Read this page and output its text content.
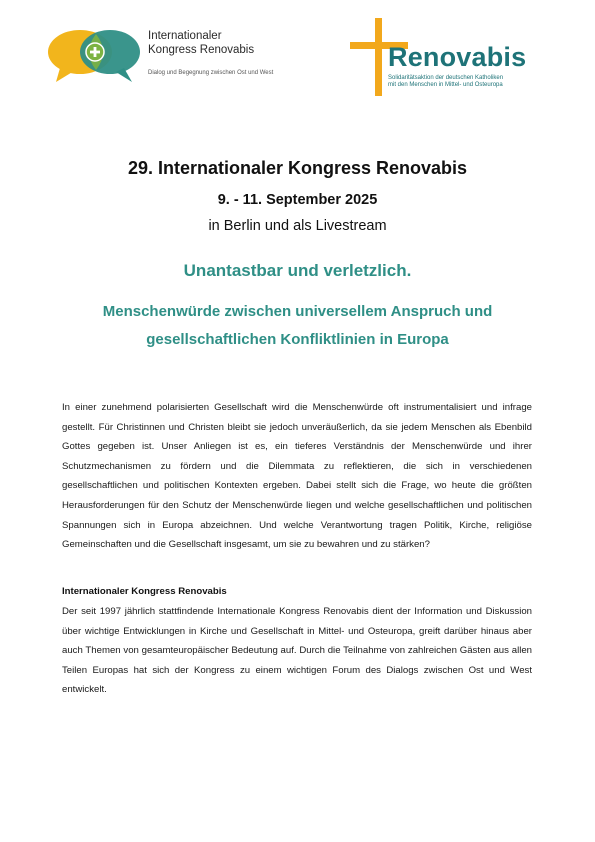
Internationaler
Kongress Renovabis
Dialog und Begegnung zwischen Ost und West
Renovabis
Solidaritätsaktion der deutschen Katholiken
mit den Menschen in Mittel- und Osteuropa
29. Internationaler Kongress Renovabis
9. - 11. September 2025
in Berlin und als Livestream
Unantastbar und verletzlich.
Menschenwürde zwischen universellem Anspruch und
gesellschaftlichen Konfliktlinien in Europa

In einer zunehmend polarisierten Gesellschaft wird die Menschenwürde oft instrumentalisiert und infrage gestellt. Für Christinnen und Christen bleibt sie jedoch unveräußerlich, da sie jedem Menschen als Ebenbild Gottes gegeben ist. Unser Anliegen ist es, ein tieferes Verständnis der Menschenwürde und ihrer Schutzmechanismen zu fördern und die Dilemmata zu reflektieren, die sich in verschiedenen gesellschaftlichen und politischen Kontexten ergeben. Dabei stellt sich die Frage, wo heute die größten Herausforderungen für den Schutz der Menschenwürde liegen und welche gesellschaftlichen und politischen Spannungen sich in Europa abzeichnen. Und welche Verantwortung tragen Politik, Kirche, religiöse Gemeinschaften und die Gesellschaft insgesamt, um sie zu bewahren und zu stärken?

Internationaler Kongress Renovabis

Der seit 1997 jährlich stattfindende Internationale Kongress Renovabis dient der Information und Diskussion über wichtige Entwicklungen in Kirche und Gesellschaft in Mittel- und Osteuropa, greift darüber hinaus aber auch Themen von gesamteuropäischer Bedeutung auf. Durch die Teilnahme von zahlreichen Gästen aus allen Teilen Europas hat sich der Kongress zu einem wichtigen Forum des Dialogs zwischen Ost und West entwickelt.
